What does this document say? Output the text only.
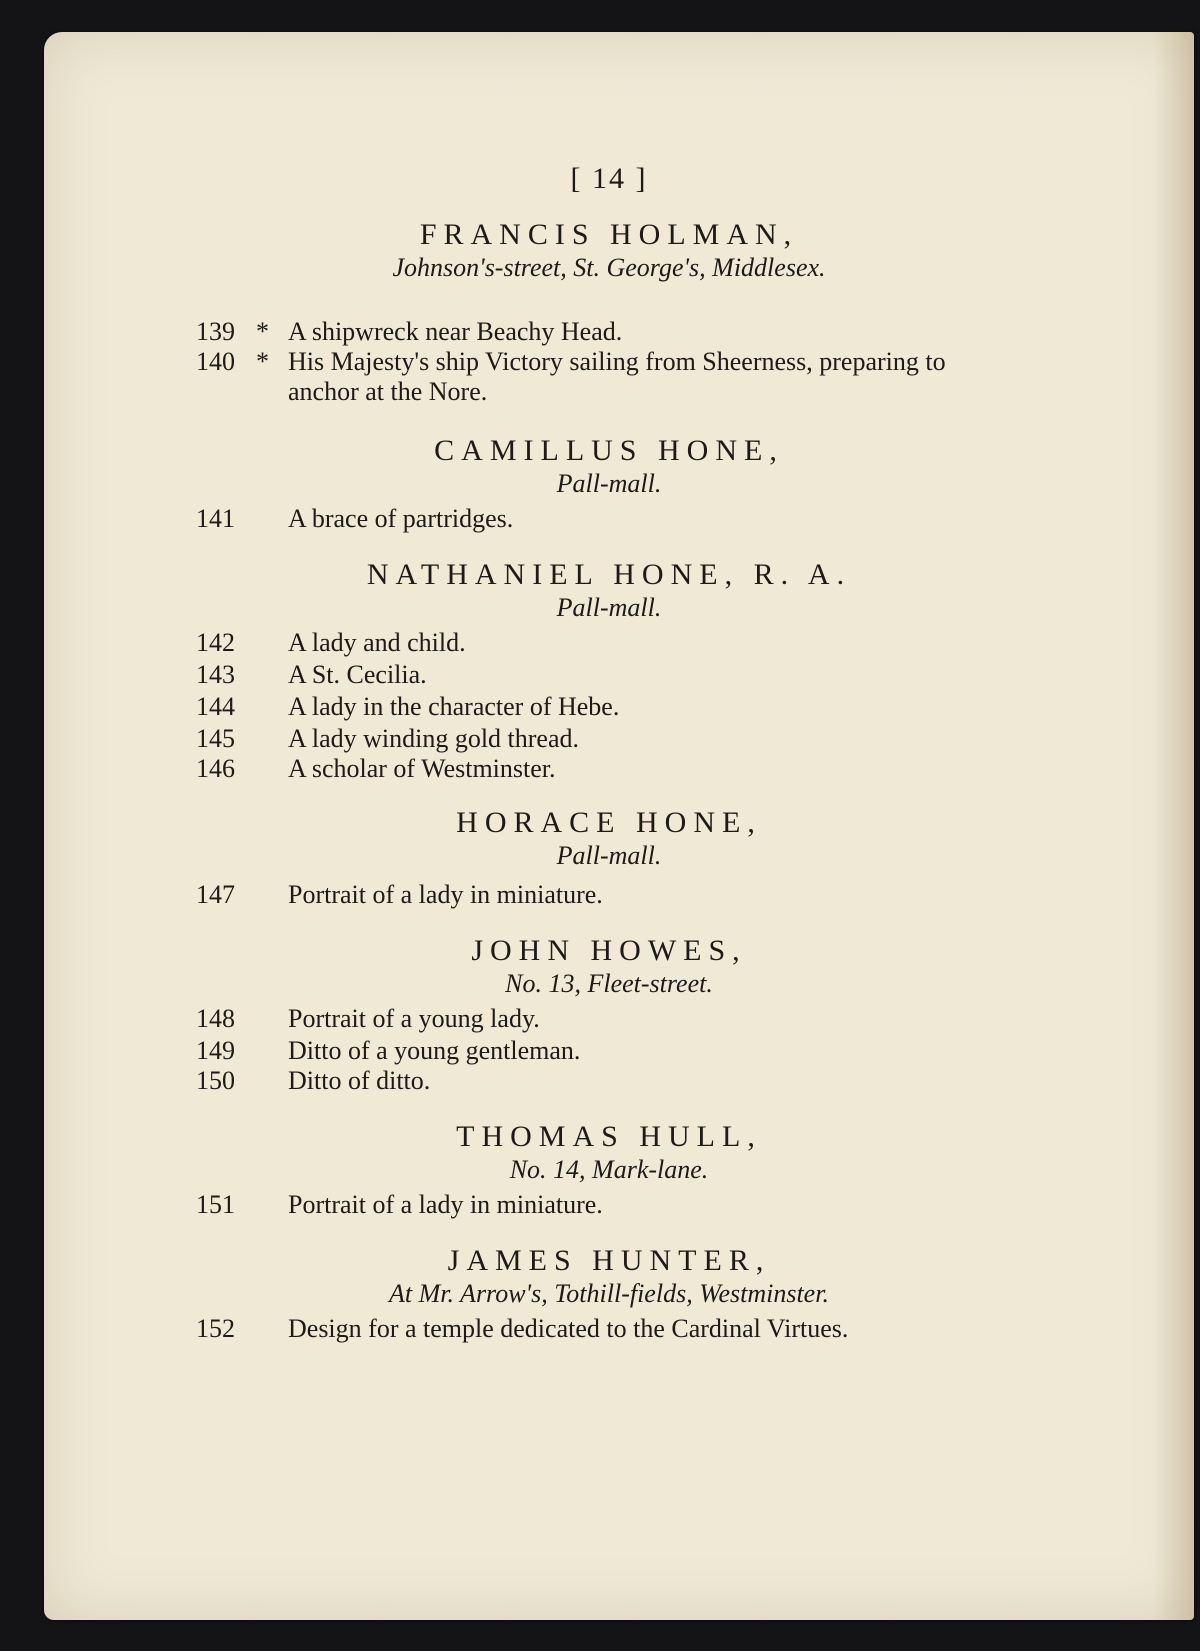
[ 14 ]
FRANCIS HOLMAN,
Johnson's-street, St. George's, Middlesex.
139 * A shipwreck near Beachy Head.
140 * His Majesty's ship Victory sailing from Sheerness, preparing to anchor at the Nore.
CAMILLUS HONE,
Pall-mall.
141 A brace of partridges.
NATHANIEL HONE, R. A.
Pall-mall.
142 A lady and child.
143 A St. Cecilia.
144 A lady in the character of Hebe.
145 A lady winding gold thread.
146 A scholar of Westminster.
HORACE HONE,
Pall-mall.
147 Portrait of a lady in miniature.
JOHN HOWES,
No. 13, Fleet-street.
148 Portrait of a young lady.
149 Ditto of a young gentleman.
150 Ditto of ditto.
THOMAS HULL,
No. 14, Mark-lane.
151 Portrait of a lady in miniature.
JAMES HUNTER,
At Mr. Arrow's, Tothill-fields, Westminster.
152 Design for a temple dedicated to the Cardinal Virtues.
